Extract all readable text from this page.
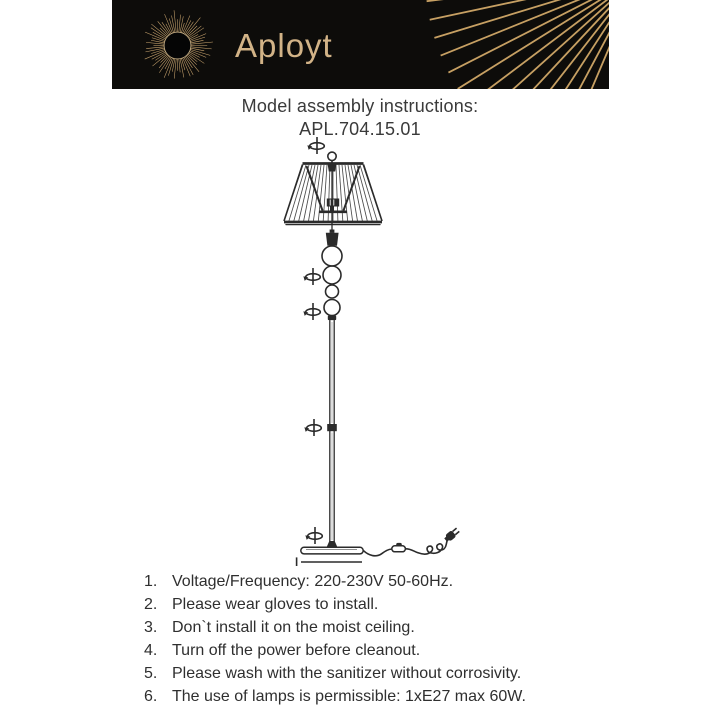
Aployt
Model assembly instructions:
APL.704.15.01
1. Voltage/Frequency: 220-230V 50-60Hz.
2. Please wear gloves to install.
3. Don`t install it on the moist ceiling.
4. Turn off the power before cleanout.
5. Please wash with the sanitizer without corrosivity.
6. The use of lamps is permissible: 1xE27 max 60W.
